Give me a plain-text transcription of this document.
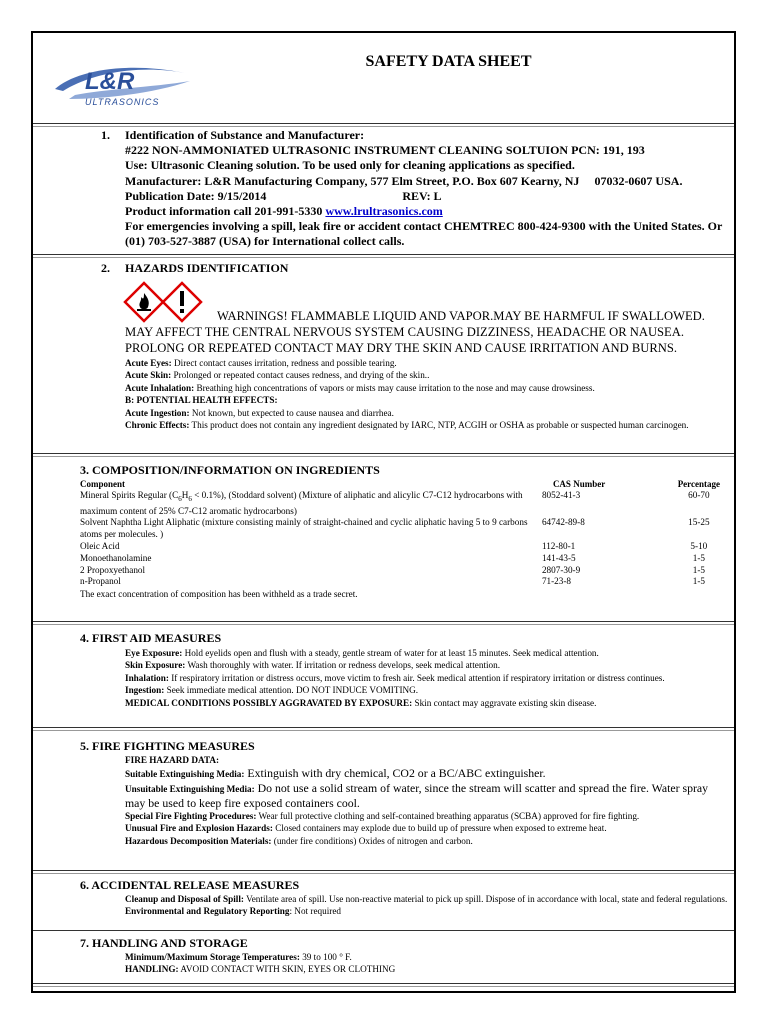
L&R
ULTRASONICS
SAFETY DATA SHEET
1. Identification of Substance and Manufacturer:
#222 NON-AMMONIATED ULTRASONIC INSTRUMENT CLEANING SOLTUION PCN: 191, 193
Use: Ultrasonic Cleaning solution. To be used only for cleaning applications as specified.
Manufacturer: L&R Manufacturing Company, 577 Elm Street, P.O. Box 607 Kearny, NJ 07032-0607 USA.
Publication Date: 9/15/2014	REV: L
Product information call 201-991-5330 www.lrultrasonics.com
For emergencies involving a spill, leak fire or accident contact CHEMTREC 800-424-9300 with the United States. Or (01) 703-527-3887 (USA) for International collect calls.
2. HAZARDS IDENTIFICATION
WARNINGS! FLAMMABLE LIQUID AND VAPOR.MAY BE HARMFUL IF SWALLOWED.
MAY AFFECT THE CENTRAL NERVOUS SYSTEM CAUSING DIZZINESS, HEADACHE OR NAUSEA. PROLONG OR REPEATED CONTACT MAY DRY THE SKIN AND CAUSE IRRITATION AND BURNS.
Acute Eyes: Direct contact causes irritation, redness and possible tearing.
Acute Skin: Prolonged or repeated contact causes redness, and drying of the skin..
Acute Inhalation: Breathing high concentrations of vapors or mists may cause irritation to the nose and may cause drowsiness.
B: POTENTIAL HEALTH EFFECTS:
Acute Ingestion: Not known, but expected to cause nausea and diarrhea.
Chronic Effects: This product does not contain any ingredient designated by IARC, NTP, ACGIH or OSHA as probable or suspected human carcinogen.
3. COMPOSITION/INFORMATION ON INGREDIENTS
Component	CAS Number	Percentage
Mineral Spirits Regular $(C_6H_6 < 0.1\%)$, (Stoddard solvent) (Mixture of aliphatic and alicylic C7-C12 hydrocarbons with maximum content of 25% C7-C12 aromatic hydrocarbons)	8052-41-3	60-70
Solvent Naphtha Light Aliphatic (mixture consisting mainly of straight-chained and cyclic aliphatic having 5 to 9 carbons atoms per molecules. )	64742-89-8	15-25
Oleic Acid	112-80-1	5-10
Monoethanolamine	141-43-5	1-5
2 Propoxyethanol	2807-30-9	1-5
n-Propanol	71-23-8	1-5
The exact concentration of composition has been withheld as a trade secret.
4. FIRST AID MEASURES
Eye Exposure: Hold eyelids open and flush with a steady, gentle stream of water for at least 15 minutes. Seek medical attention.
Skin Exposure: Wash thoroughly with water. If irritation or redness develops, seek medical attention.
Inhalation: If respiratory irritation or distress occurs, move victim to fresh air. Seek medical attention if respiratory irritation or distress continues.
Ingestion: Seek immediate medical attention. DO NOT INDUCE VOMITING.
MEDICAL CONDITIONS POSSIBLY AGGRAVATED BY EXPOSURE: Skin contact may aggravate existing skin disease.
5. FIRE FIGHTING MEASURES
FIRE HAZARD DATA:
Suitable Extinguishing Media: Extinguish with dry chemical, CO2 or a BC/ABC extinguisher.
Unsuitable Extinguishing Media: Do not use a solid stream of water, since the stream will scatter and spread the fire. Water spray may be used to keep fire exposed containers cool.
Special Fire Fighting Procedures: Wear full protective clothing and self-contained breathing apparatus (SCBA) approved for fire fighting.
Unusual Fire and Explosion Hazards: Closed containers may explode due to build up of pressure when exposed to extreme heat.
Hazardous Decomposition Materials: (under fire conditions) Oxides of nitrogen and carbon.
6. ACCIDENTAL RELEASE MEASURES
Cleanup and Disposal of Spill: Ventilate area of spill. Use non-reactive material to pick up spill. Dispose of in accordance with local, state and federal regulations.
Environmental and Regulatory Reporting: Not required
7. HANDLING AND STORAGE
Minimum/Maximum Storage Temperatures: 39 to 100 ° F.
HANDLING: AVOID CONTACT WITH SKIN, EYES OR CLOTHING
